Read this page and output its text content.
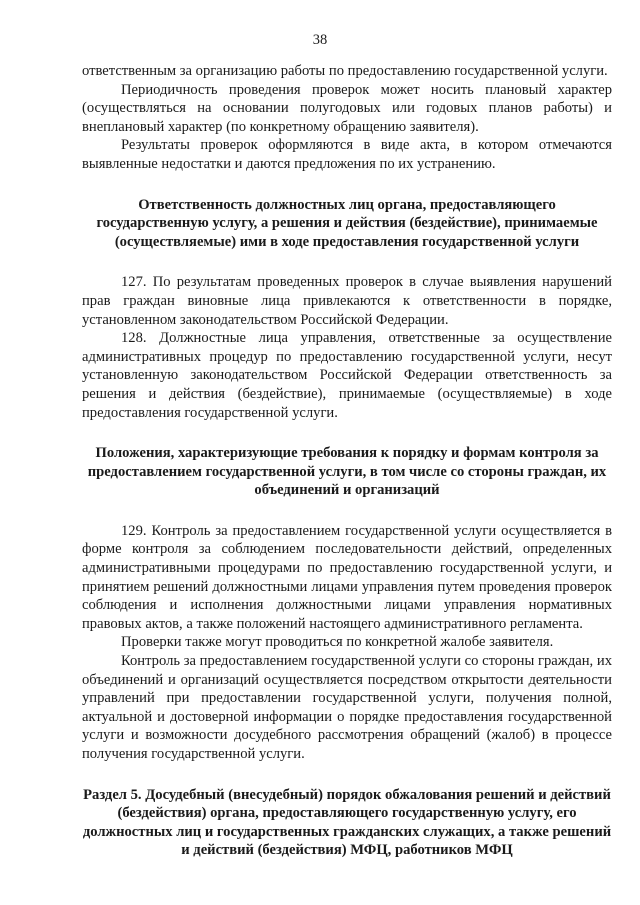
38

ответственным за организацию работы по предоставлению государственной услуги.

Периодичность проведения проверок может носить плановый характер (осуществляться на основании полугодовых или годовых планов работы) и внеплановый характер (по конкретному обращению заявителя).

Результаты проверок оформляются в виде акта, в котором отмечаются выявленные недостатки и даются предложения по их устранению.

Ответственность должностных лиц органа, предоставляющего государственную услугу, а решения и действия (бездействие), принимаемые (осуществляемые) ими в ходе предоставления государственной услуги

127. По результатам проведенных проверок в случае выявления нарушений прав граждан виновные лица привлекаются к ответственности в порядке, установленном законодательством Российской Федерации.

128. Должностные лица управления, ответственные за осуществление административных процедур по предоставлению государственной услуги, несут установленную законодательством Российской Федерации ответственность за решения и действия (бездействие), принимаемые (осуществляемые) в ходе предоставления государственной услуги.

Положения, характеризующие требования к порядку и формам контроля за предоставлением государственной услуги, в том числе со стороны граждан, их объединений и организаций

129. Контроль за предоставлением государственной услуги осуществляется в форме контроля за соблюдением последовательности действий, определенных административными процедурами по предоставлению государственной услуги, и принятием решений должностными лицами управления путем проведения проверок соблюдения и исполнения должностными лицами управления нормативных правовых актов, а также положений настоящего административного регламента.

Проверки также могут проводиться по конкретной жалобе заявителя.

Контроль за предоставлением государственной услуги со стороны граждан, их объединений и организаций осуществляется посредством открытости деятельности управлений при предоставлении государственной услуги, получения полной, актуальной и достоверной информации о порядке предоставления государственной услуги и возможности досудебного рассмотрения обращений (жалоб) в процессе получения государственной услуги.

Раздел 5. Досудебный (внесудебный) порядок обжалования решений и действий (бездействия) органа, предоставляющего государственную услугу, его должностных лиц и государственных гражданских служащих, а также решений и действий (бездействия) МФЦ, работников МФЦ
